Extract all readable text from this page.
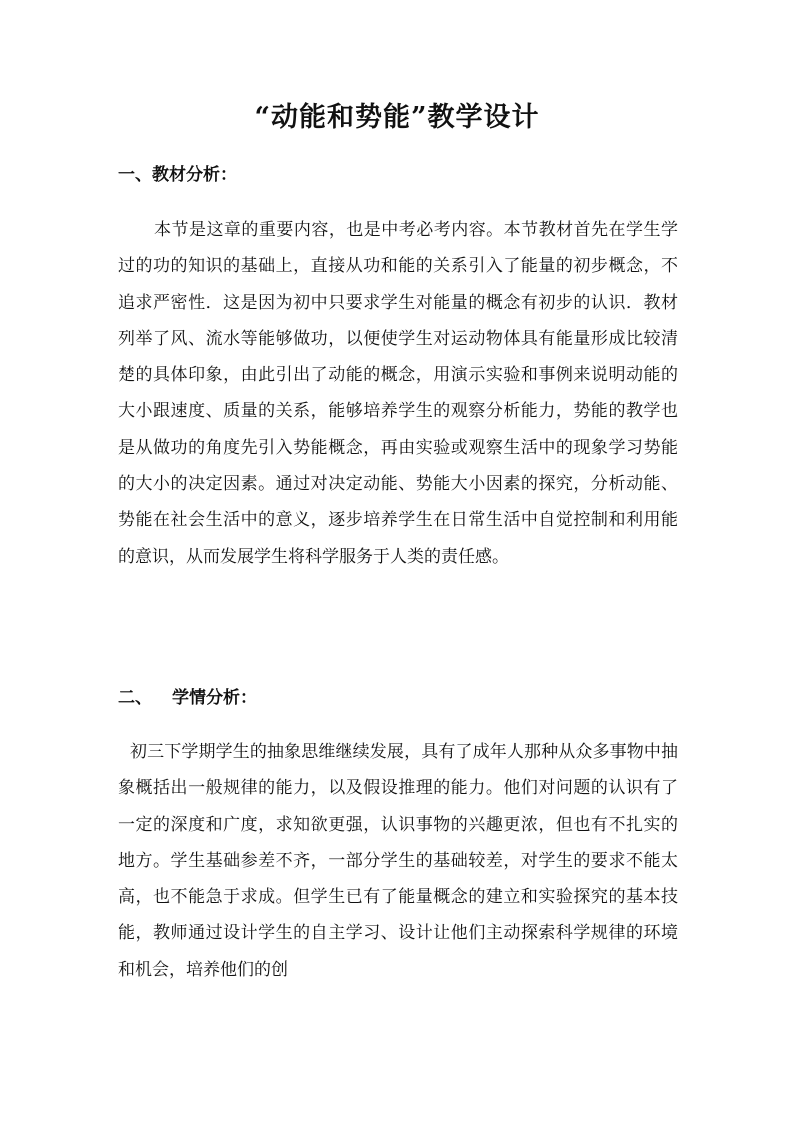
“动能和势能”教学设计
一、教材分析：

本节是这章的重要内容，也是中考必考内容。本节教材首先在学生学过的功的知识的基础上，直接从功和能的关系引入了能量的初步概念，不追求严密性．这是因为初中只要求学生对能量的概念有初步的认识．教材列举了风、流水等能够做功，以便使学生对运动物体具有能量形成比较清楚的具体印象，由此引出了动能的概念，用演示实验和事例来说明动能的大小跟速度、质量的关系，能够培养学生的观察分析能力，势能的教学也是从做功的角度先引入势能概念，再由实验或观察生活中的现象学习势能的大小的决定因素。通过对决定动能、势能大小因素的探究，分析动能、势能在社会生活中的意义，逐步培养学生在日常生活中自觉控制和利用能的意识，从而发展学生将科学服务于人类的责任感。

二、 学情分析：

初三下学期学生的抽象思维继续发展，具有了成年人那种从众多事物中抽象概括出一般规律的能力，以及假设推理的能力。他们对问题的认识有了一定的深度和广度，求知欲更强，认识事物的兴趣更浓，但也有不扎实的地方。学生基础参差不齐，一部分学生的基础较差，对学生的要求不能太高，也不能急于求成。但学生已有了能量概念的建立和实验探究的基本技能，教师通过设计学生的自主学习、设计让他们主动探索科学规律的环境和机会，培养他们的创
